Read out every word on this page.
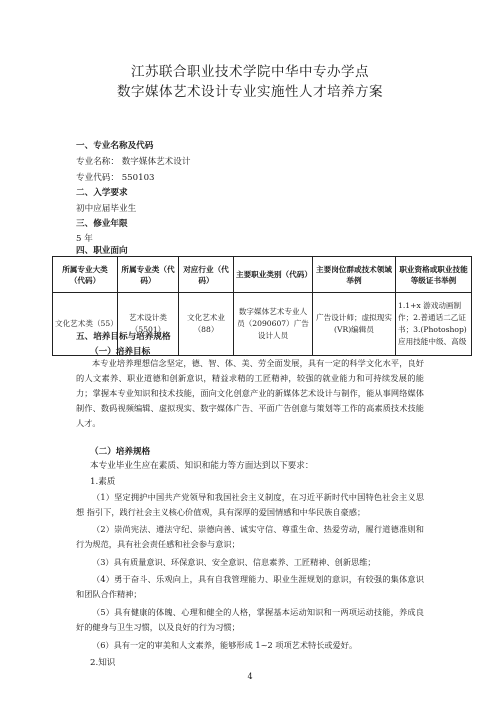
江苏联合职业技术学院中华中专办学点
数字媒体艺术设计专业实施性人才培养方案
一、专业名称及代码
专业名称： 数字媒体艺术设计
专业代码： 550103
二、入学要求
初中应届毕业生
三、修业年限
5 年
四、职业面向
所属专业大类（代码）	所属专业类（代码）	对应行业（代码）	主要职业类别（代码）	主要岗位群或技术领域举例	职业资格或职业技能等级证书举例
文化艺术类（55）	艺术设计类（5501）	文化艺术业（88）	数字媒体艺术专业人员（2090607）广告设计人员	广告设计师；虚拟现实(VR)编辑员	1.1+x 游戏动画制作；2.普通话二乙证书；3.(Photoshop)应用技能中级、高级
五、培养目标与培养规格
（一）培养目标
本专业培养理想信念坚定，德、智、体、美、劳全面发展，具有一定的科学文化水平，良好的人文素养、职业道德和创新意识，精益求精的工匠精神，较强的就业能力和可持续发展的能力；掌握本专业知识和技术技能，面向文化创意产业的新媒体艺术设计与制作，能从事网络媒体制作、数码视频编辑、虚拟现实、数字媒体广告、平面广告创意与策划等工作的高素质技术技能人才。
（二）培养规格
本专业毕业生应在素质、知识和能力等方面达到以下要求：
1.素质
（1）坚定拥护中国共产党领导和我国社会主义制度，在习近平新时代中国特色社会主义思想 指引下，践行社会主义核心价值观，具有深厚的爱国情感和中华民族自豪感；
（2）崇尚宪法、遵法守纪、崇德向善、诚实守信、尊重生命、热爱劳动，履行道德准则和行为规范，具有社会责任感和社会参与意识；
（3）具有质量意识、环保意识、安全意识、信息素养、工匠精神、创新思维；
（4）勇于奋斗、乐观向上，具有自我管理能力、职业生涯规划的意识，有较强的集体意识和团队合作精神；
（5）具有健康的体魄、心理和健全的人格，掌握基本运动知识和一两项运动技能，养成良好的健身与卫生习惯，以及良好的行为习惯；
（6）具有一定的审美和人文素养，能够形成 1~2 项项艺术特长或爱好。
2.知识
4
